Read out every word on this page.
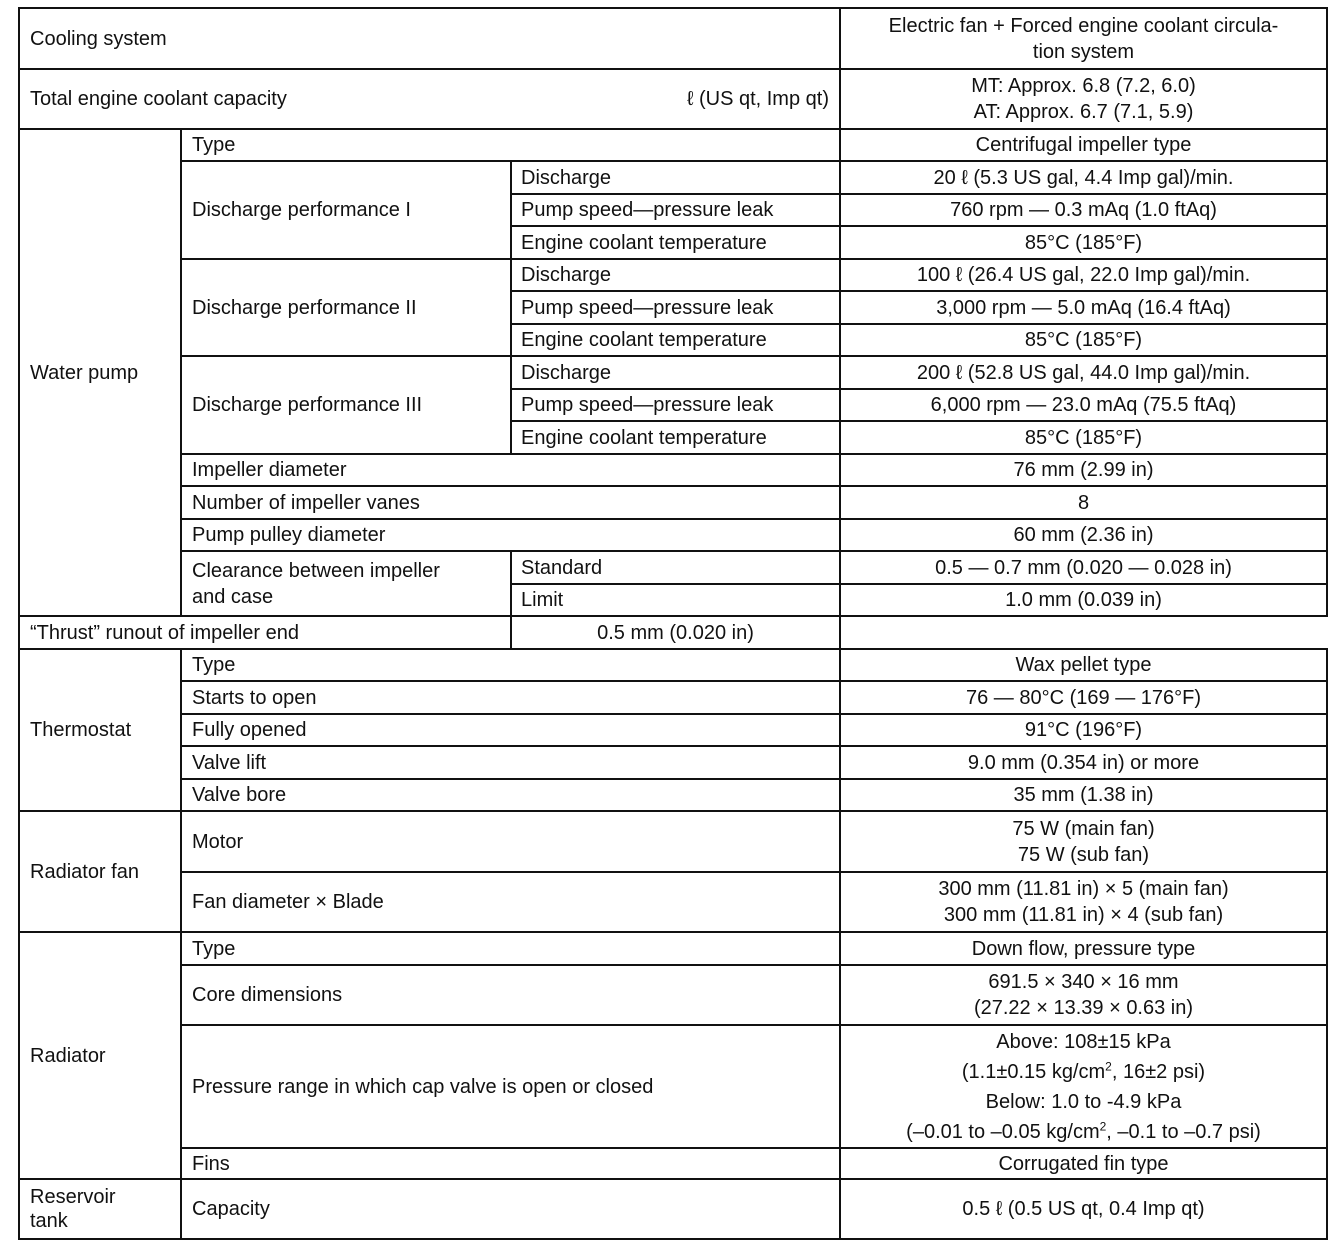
Cooling system			Electric fan + Forced engine coolant circula-
tion system

Total engine coolant capacity ℓ (US qt, Imp qt)			MT: Approx. 6.8 (7.2, 6.0)
AT: Approx. 6.7 (7.1, 5.9)

Water pump	Type		Centrifugal impeller type
	Discharge performance I	Discharge	20 ℓ (5.3 US gal, 4.4 Imp gal)/min.
		Pump speed—pressure leak	760 rpm — 0.3 mAq (1.0 ftAq)
		Engine coolant temperature	85°C (185°F)
	Discharge performance II	Discharge	100 ℓ (26.4 US gal, 22.0 Imp gal)/min.
		Pump speed—pressure leak	3,000 rpm — 5.0 mAq (16.4 ftAq)
		Engine coolant temperature	85°C (185°F)
	Discharge performance III	Discharge	200 ℓ (52.8 US gal, 44.0 Imp gal)/min.
		Pump speed—pressure leak	6,000 rpm — 23.0 mAq (75.5 ftAq)
		Engine coolant temperature	85°C (185°F)
	Impeller diameter		76 mm (2.99 in)
	Number of impeller vanes		8
	Pump pulley diameter		60 mm (2.36 in)

	Clearance between impeller
and case	Standard	0.5 — 0.7 mm (0.020 — 0.028 in)
		Limit	1.0 mm (0.039 in)
“Thrust” runout of impeller end		0.5 mm (0.020 in)	
Thermostat	Type		Wax pellet type
	Starts to open		76 — 80°C (169 — 176°F)
	Fully opened		91°C (196°F)
	Valve lift		9.0 mm (0.354 in) or more
	Valve bore		35 mm (1.38 in)
Radiator fan	Motor		75 W (main fan)
75 W (sub fan)

	Fan diameter × Blade		300 mm (11.81 in) × 5 (main fan)
300 mm (11.81 in) × 4 (sub fan)

Radiator	Type		Down flow, pressure type
	Core dimensions		691.5 × 340 × 16 mm
(27.22 × 13.39 × 0.63 in)

	Pressure range in which cap valve is open or closed		Above: 108±15 kPa
(1.1±0.15 $kg/cm^2$, 16±2 psi)
Below: 1.0 to -4.9 kPa
(–0.01 to –0.05 $kg/cm^2$, –0.1 to –0.7 psi)

	Fins		Corrugated fin type

Reservoir
tank	Capacity		0.5 ℓ (0.5 US qt, 0.4 Imp qt)
